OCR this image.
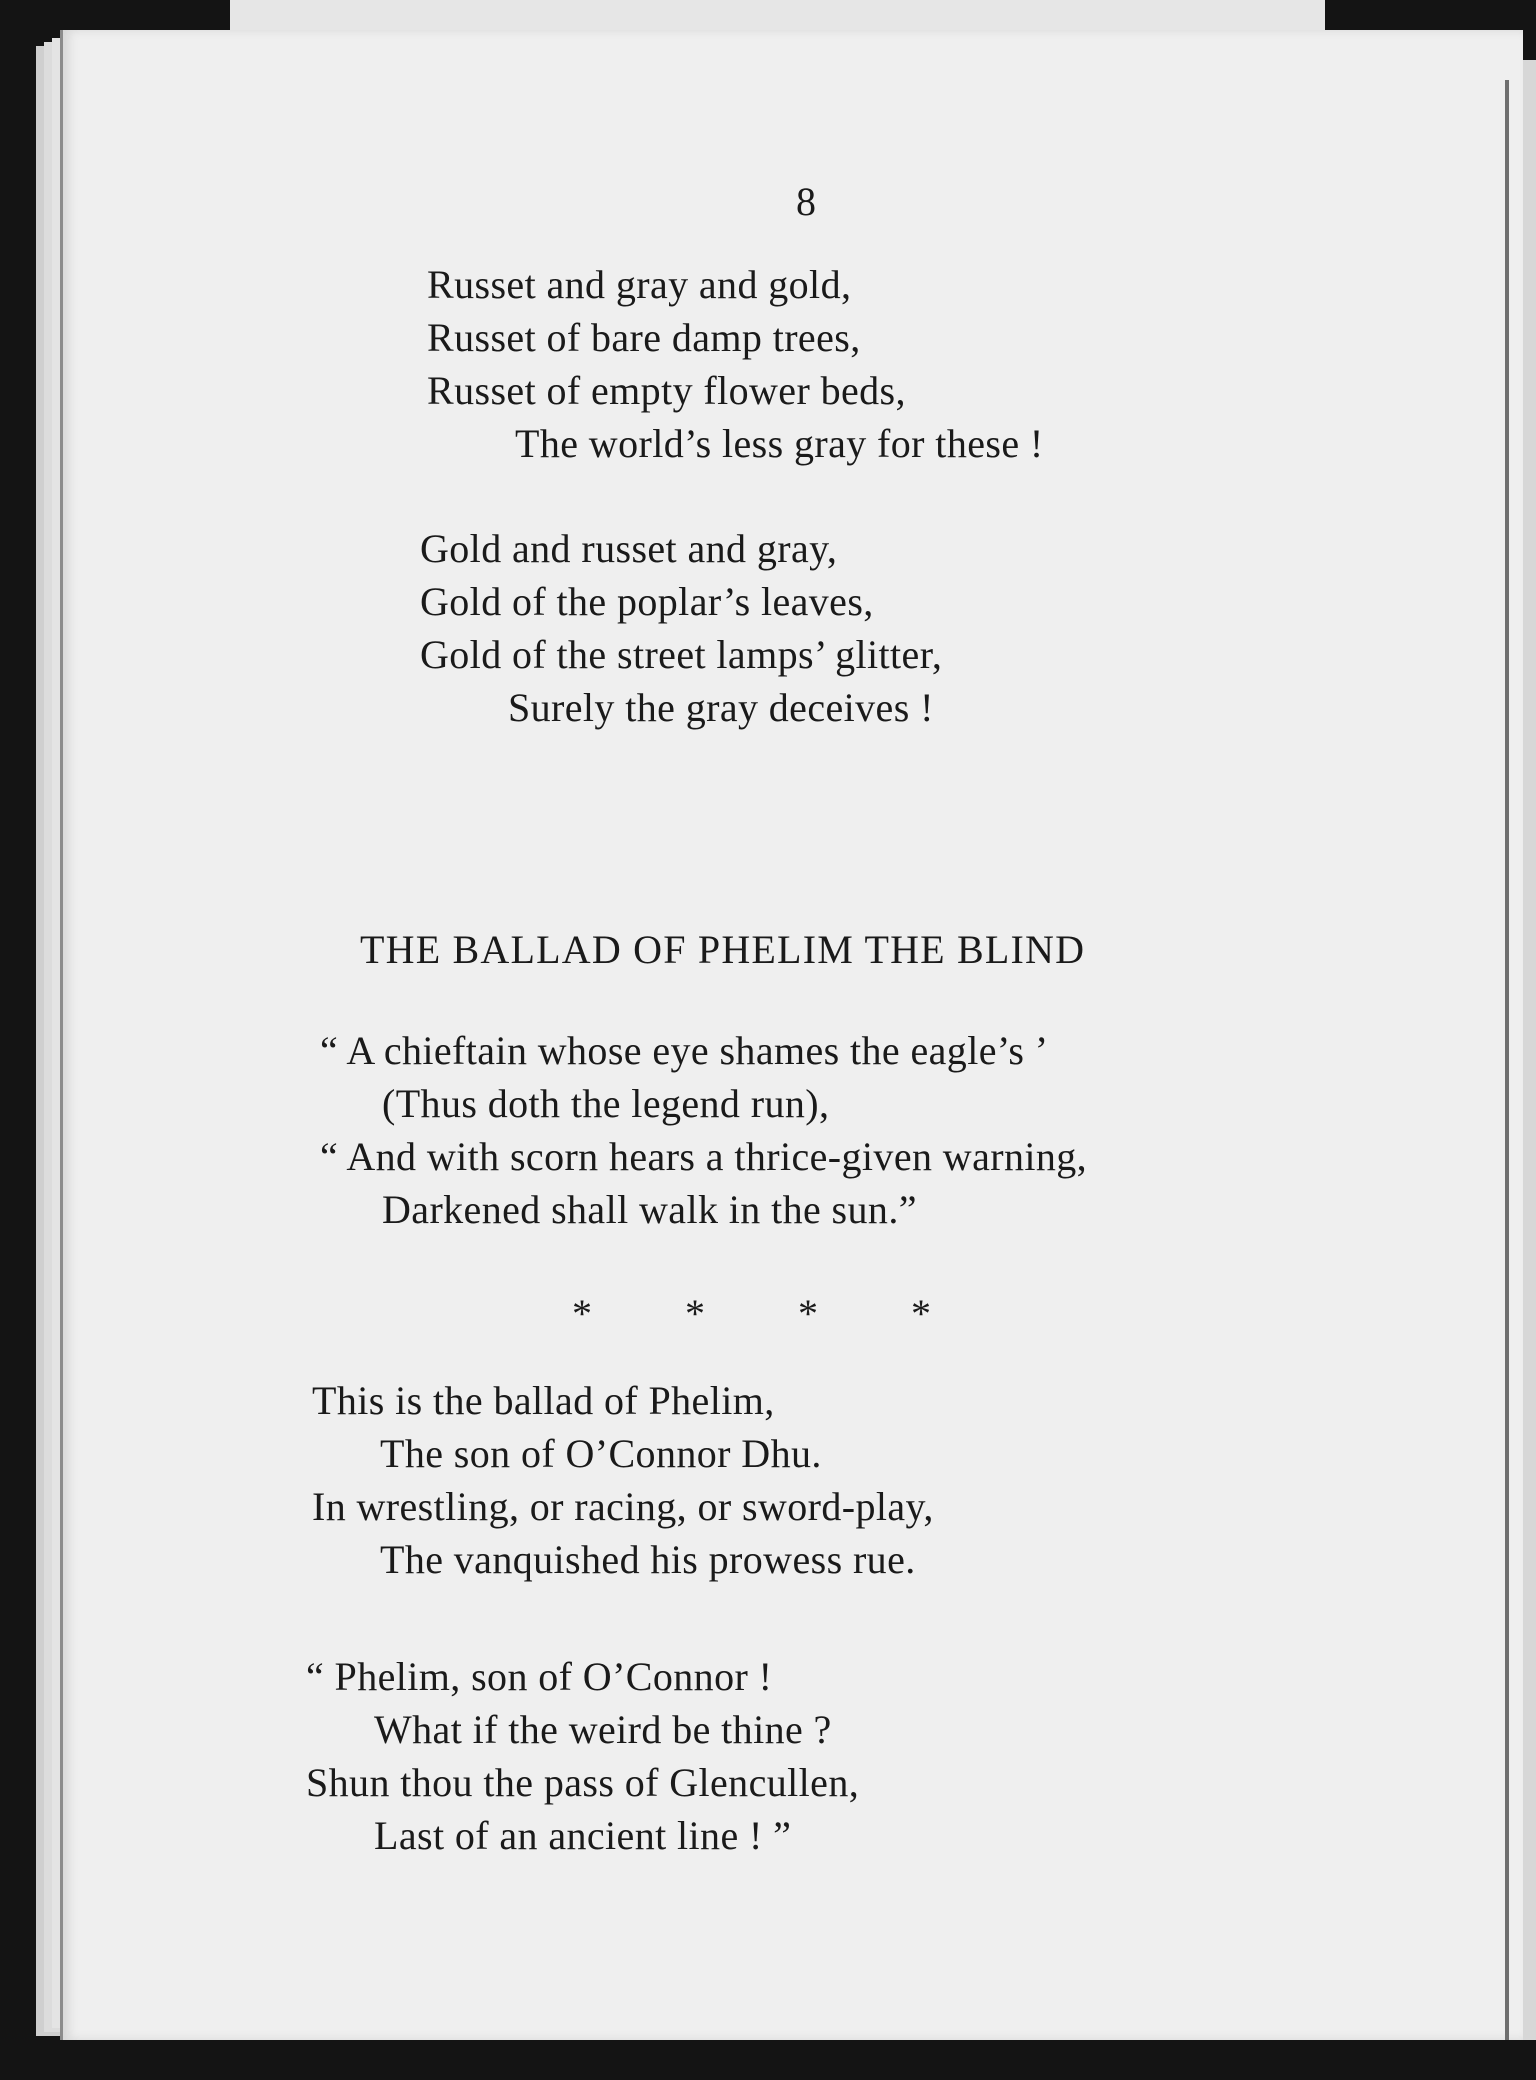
8
Russet and gray and gold,
Russet of bare damp trees,
Russet of empty flower beds,
The world’s less gray for these !
Gold and russet and gray,
Gold of the poplar’s leaves,
Gold of the street lamps’ glitter,
Surely the gray deceives !
THE BALLAD OF PHELIM THE BLIND
“ A chieftain whose eye shames the eagle’s ’
(Thus doth the legend run),
“ And with scorn hears a thrice-given warning,
Darkened shall walk in the sun.”
* * * *
This is the ballad of Phelim,
The son of O’Connor Dhu.
In wrestling, or racing, or sword-play,
The vanquished his prowess rue.
“ Phelim, son of O’Connor !
What if the weird be thine ?
Shun thou the pass of Glencullen,
Last of an ancient line ! ”
